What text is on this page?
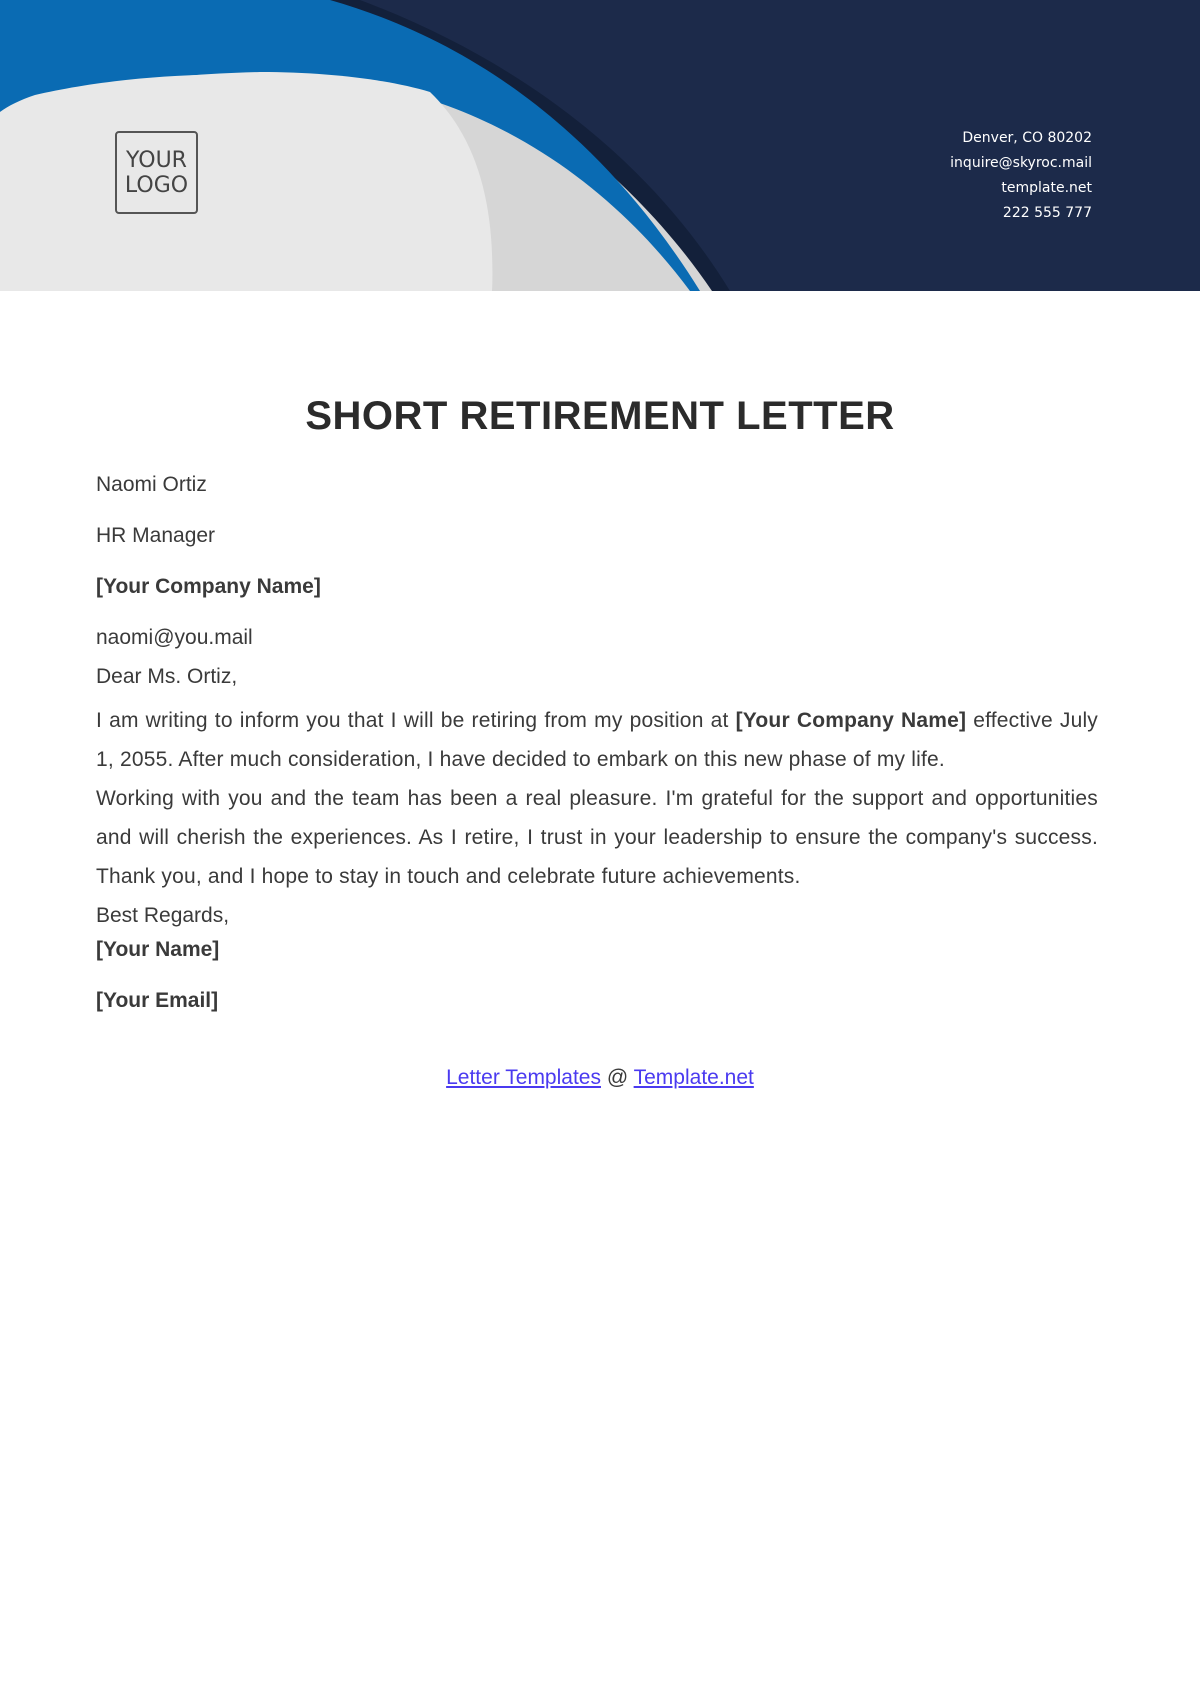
YOUR
LOGO
Denver, CO 80202
inquire@skyroc.mail
template.net
222 555 777
SHORT RETIREMENT LETTER

Naomi Ortiz

HR Manager

[Your Company Name]

naomi@you.mail

Dear Ms. Ortiz,

I am writing to inform you that I will be retiring from my position at [Your Company Name] effective July 1, 2055. After much consideration, I have decided to embark on this new phase of my life.

Working with you and the team has been a real pleasure. I'm grateful for the support and opportunities and will cherish the experiences. As I retire, I trust in your leadership to ensure the company's success. Thank you, and I hope to stay in touch and celebrate future achievements.

Best Regards,

[Your Name]

[Your Email]

Letter Templates @ Template.net
